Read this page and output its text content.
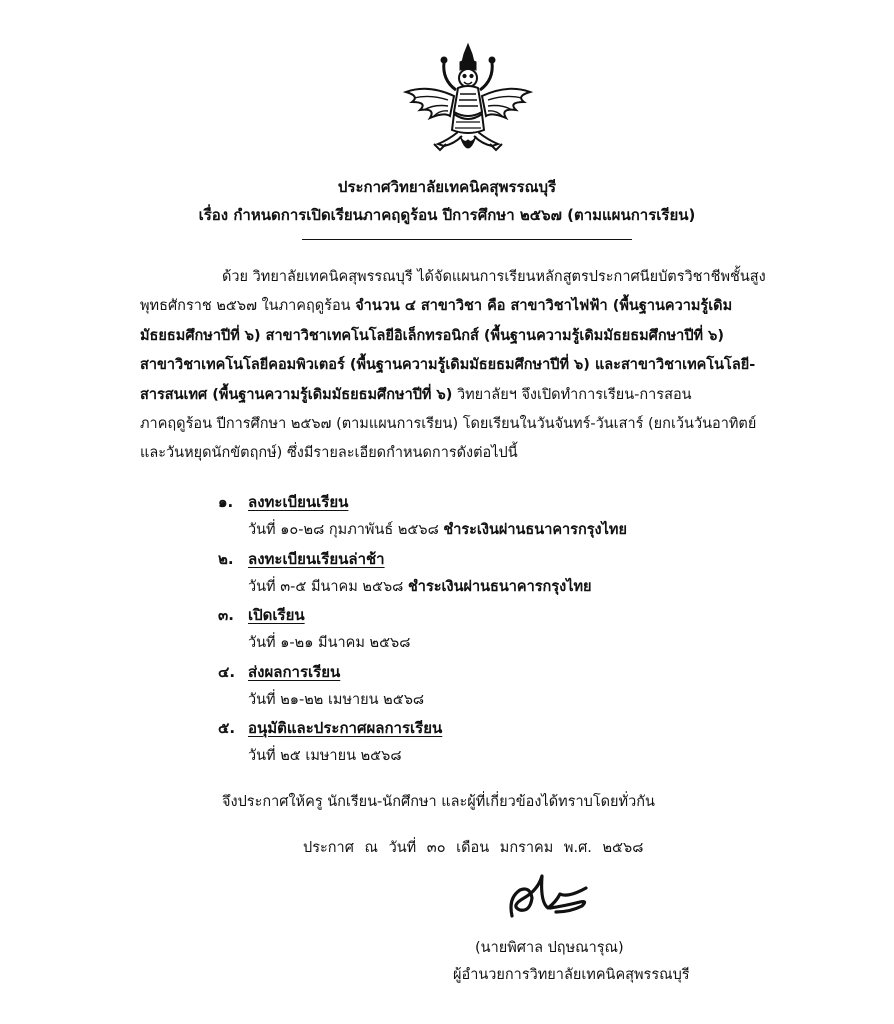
ประกาศวิทยาลัยเทคนิคสุพรรณบุรี
เรื่อง กำหนดการเปิดเรียนภาคฤดูร้อน ปีการศึกษา ๒๕๖๗ (ตามแผนการเรียน)
ด้วย วิทยาลัยเทคนิคสุพรรณบุรี ได้จัดแผนการเรียนหลักสูตรประกาศนียบัตรวิชาชีพชั้นสูง
พุทธศักราช ๒๕๖๗ ในภาคฤดูร้อน จำนวน ๔ สาขาวิชา คือ สาขาวิชาไฟฟ้า (พื้นฐานความรู้เดิม
มัธยธมศึกษาปีที่ ๖) สาขาวิชาเทคโนโลยีอิเล็กทรอนิกส์ (พื้นฐานความรู้เดิมมัธยธมศึกษาปีที่ ๖)
สาขาวิชาเทคโนโลยีคอมพิวเตอร์ (พื้นฐานความรู้เดิมมัธยธมศึกษาปีที่ ๖) และสาขาวิชาเทคโนโลยี-
สารสนเทศ (พื้นฐานความรู้เดิมมัธยธมศึกษาปีที่ ๖) วิทยาลัยฯ จึงเปิดทำการเรียน-การสอน
ภาคฤดูร้อน ปีการศึกษา ๒๕๖๗ (ตามแผนการเรียน) โดยเรียนในวันจันทร์-วันเสาร์ (ยกเว้นวันอาทิตย์
และวันหยุดนักขัตฤกษ์) ซึ่งมีรายละเอียดกำหนดการดังต่อไปนี้
๑. ลงทะเบียนเรียน
วันที่ ๑๐-๒๘ กุมภาพันธ์ ๒๕๖๘ ชำระเงินผ่านธนาคารกรุงไทย
๒. ลงทะเบียนเรียนล่าช้า
วันที่ ๓-๕ มีนาคม ๒๕๖๘ ชำระเงินผ่านธนาคารกรุงไทย
๓. เปิดเรียน
วันที่ ๑-๒๑ มีนาคม ๒๕๖๘
๔. ส่งผลการเรียน
วันที่ ๒๑-๒๒ เมษายน ๒๕๖๘
๕. อนุมัติและประกาศผลการเรียน
วันที่ ๒๕ เมษายน ๒๕๖๘
จึงประกาศให้ครู นักเรียน-นักศึกษา และผู้ที่เกี่ยวข้องได้ทราบโดยทั่วกัน
ประกาศ ณ วันที่ ๓๐ เดือน มกราคม พ.ศ. ๒๕๖๘
(นายพิศาล ปฤษณารุณ)
ผู้อำนวยการวิทยาลัยเทคนิคสุพรรณบุรี
